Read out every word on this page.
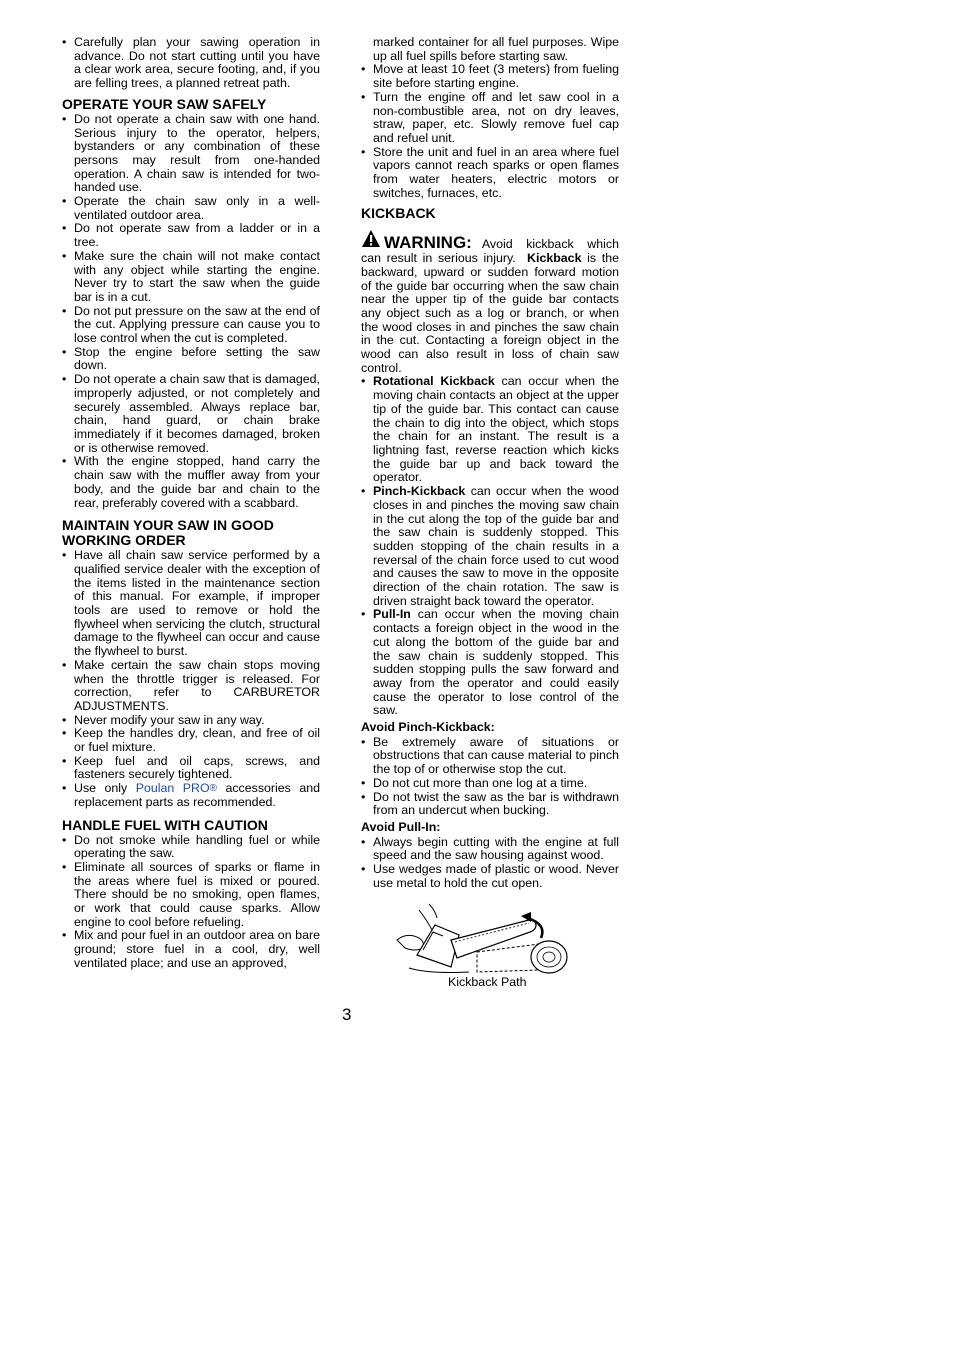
• Carefully plan your sawing operation in advance. Do not start cutting until you have a clear work area, secure footing, and, if you are felling trees, a planned retreat path.
OPERATE YOUR SAW SAFELY
• Do not operate a chain saw with one hand. Serious injury to the operator, helpers, bystanders or any combination of these persons may result from one-handed operation. A chain saw is intended for two-handed use.
• Operate the chain saw only in a well-ventilated outdoor area.
• Do not operate saw from a ladder or in a tree.
• Make sure the chain will not make contact with any object while starting the engine. Never try to start the saw when the guide bar is in a cut.
• Do not put pressure on the saw at the end of the cut. Applying pressure can cause you to lose control when the cut is completed.
• Stop the engine before setting the saw down.
• Do not operate a chain saw that is damaged, improperly adjusted, or not completely and securely assembled. Always replace bar, chain, hand guard, or chain brake immediately if it becomes damaged, broken or is otherwise removed.
• With the engine stopped, hand carry the chain saw with the muffler away from your body, and the guide bar and chain to the rear, preferably covered with a scabbard.
MAINTAIN YOUR SAW IN GOOD WORKING ORDER
• Have all chain saw service performed by a qualified service dealer with the exception of the items listed in the maintenance section of this manual. For example, if improper tools are used to remove or hold the flywheel when servicing the clutch, structural damage to the flywheel can occur and cause the flywheel to burst.
• Make certain the saw chain stops moving when the throttle trigger is released. For correction, refer to CARBURETOR ADJUSTMENTS.
• Never modify your saw in any way.
• Keep the handles dry, clean, and free of oil or fuel mixture.
• Keep fuel and oil caps, screws, and fasteners securely tightened.
• Use only Poulan PRO® accessories and replacement parts as recommended.
HANDLE FUEL WITH CAUTION
• Do not smoke while handling fuel or while operating the saw.
• Eliminate all sources of sparks or flame in the areas where fuel is mixed or poured. There should be no smoking, open flames, or work that could cause sparks. Allow engine to cool before refueling.
• Mix and pour fuel in an outdoor area on bare ground; store fuel in a cool, dry, well ventilated place; and use an approved,
marked container for all fuel purposes. Wipe up all fuel spills before starting saw.
• Move at least 10 feet (3 meters) from fueling site before starting engine.
• Turn the engine off and let saw cool in a non-combustible area, not on dry leaves, straw, paper, etc. Slowly remove fuel cap and refuel unit.
• Store the unit and fuel in an area where fuel vapors cannot reach sparks or open flames from water heaters, electric motors or switches, furnaces, etc.
KICKBACK
WARNING: Avoid kickback which can result in serious injury. Kickback is the backward, upward or sudden forward motion of the guide bar occurring when the saw chain near the upper tip of the guide bar contacts any object such as a log or branch, or when the wood closes in and pinches the saw chain in the cut. Contacting a foreign object in the wood can also result in loss of chain saw control.
• Rotational Kickback can occur when the moving chain contacts an object at the upper tip of the guide bar. This contact can cause the chain to dig into the object, which stops the chain for an instant. The result is a lightning fast, reverse reaction which kicks the guide bar up and back toward the operator.
• Pinch-Kickback can occur when the wood closes in and pinches the moving saw chain in the cut along the top of the guide bar and the saw chain is suddenly stopped. This sudden stopping of the chain results in a reversal of the chain force used to cut wood and causes the saw to move in the opposite direction of the chain rotation. The saw is driven straight back toward the operator.
• Pull-In can occur when the moving chain contacts a foreign object in the wood in the cut along the bottom of the guide bar and the saw chain is suddenly stopped. This sudden stopping pulls the saw forward and away from the operator and could easily cause the operator to lose control of the saw.
Avoid Pinch-Kickback:
• Be extremely aware of situations or obstructions that can cause material to pinch the top of or otherwise stop the cut.
• Do not cut more than one log at a time.
• Do not twist the saw as the bar is withdrawn from an undercut when bucking.
Avoid Pull-In:
• Always begin cutting with the engine at full speed and the saw housing against wood.
• Use wedges made of plastic or wood. Never use metal to hold the cut open.
Kickback Path
3
